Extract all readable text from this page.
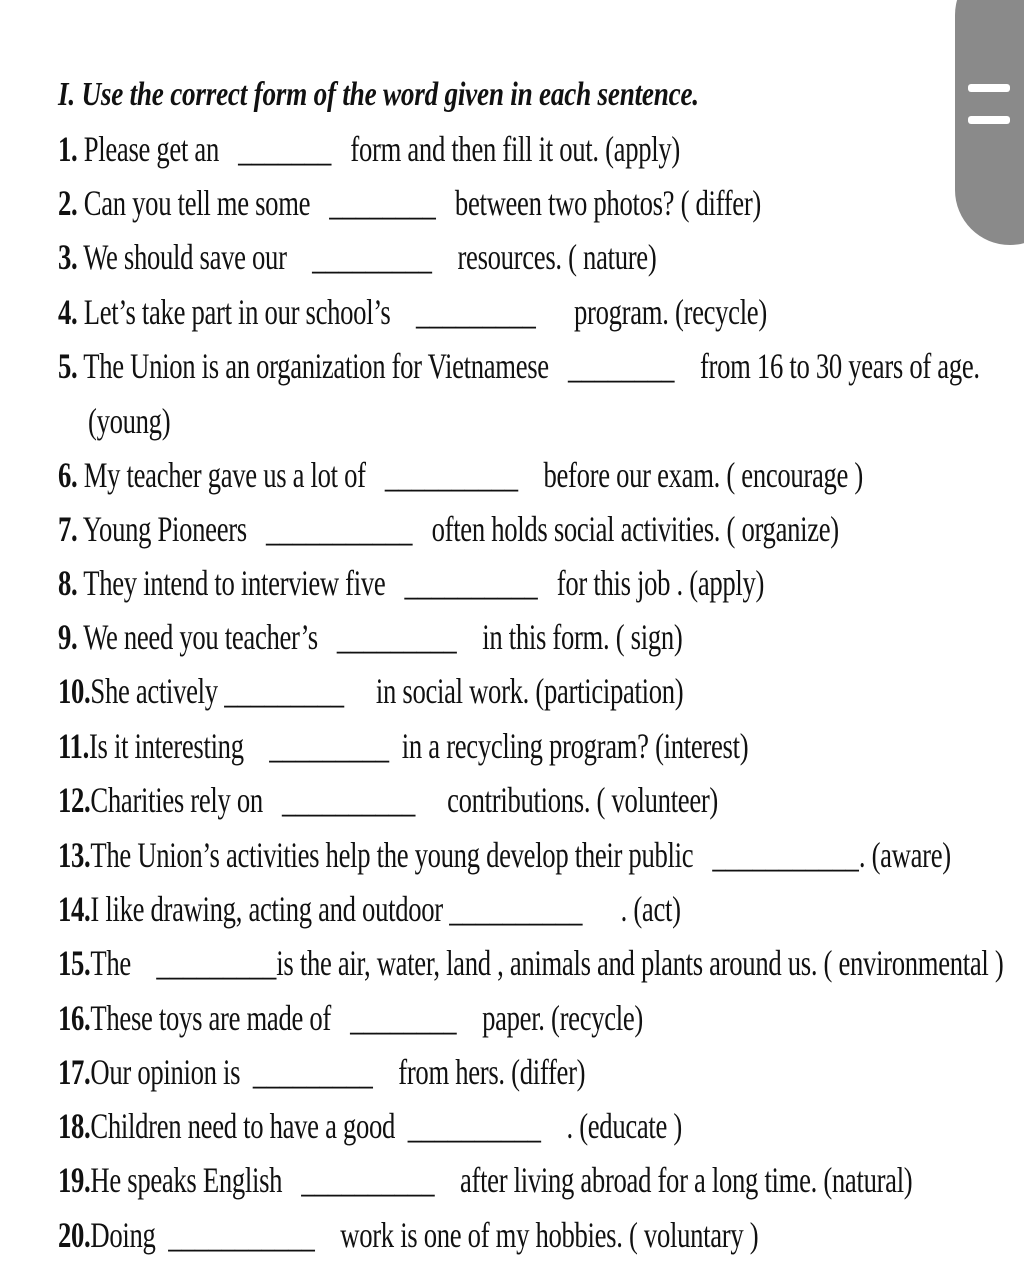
I. Use the correct form of the word given in each sentence.
1. Please get an _______ form and then fill it out. (apply)
2. Can you tell me some ________ between two photos? ( differ)
3. We should save our _________ resources. ( nature)
4. Let’s take part in our school’s _________ program. (recycle)
5. The Union is an organization for Vietnamese ________ from 16 to 30 years of age.
(young)
6. My teacher gave us a lot of __________ before our exam. ( encourage )
7. Young Pioneers ___________ often holds social activities. ( organize)
8. They intend to interview five __________ for this job . (apply)
9. We need you teacher’s _________ in this form. ( sign)
10.She actively _________ in social work. (participation)
11.Is it interesting _________ in a recycling program? (interest)
12.Charities rely on __________ contributions. ( volunteer)
13.The Union’s activities help the young develop their public ___________. (aware)
14.I like drawing, acting and outdoor __________ . (act)
15.The _________is the air, water, land , animals and plants around us. ( environmental )
16.These toys are made of ________ paper. (recycle)
17.Our opinion is _________ from hers. (differ)
18.Children need to have a good __________ . (educate )
19.He speaks English __________ after living abroad for a long time. (natural)
20.Doing ___________ work is one of my hobbies. ( voluntary )
